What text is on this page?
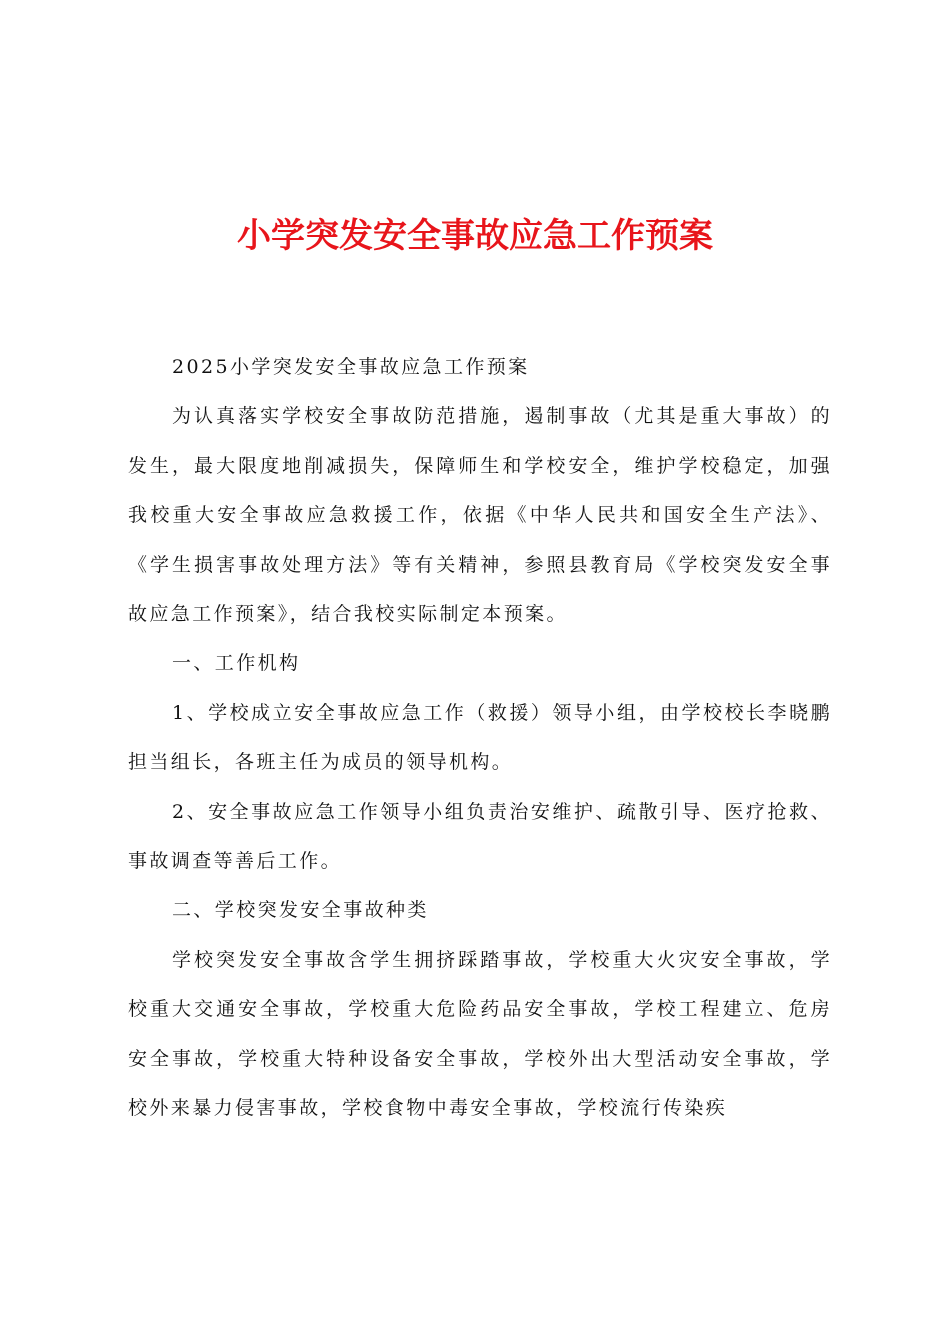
小学突发安全事故应急工作预案

2025小学突发安全事故应急工作预案

为认真落实学校安全事故防范措施，遏制事故（尤其是重大事故）的发生，最大限度地削减损失，保障师生和学校安全，维护学校稳定，加强我校重大安全事故应急救援工作，依据《中华人民共和国安全生产法》、《学生损害事故处理方法》等有关精神，参照县教育局《学校突发安全事故应急工作预案》，结合我校实际制定本预案。

一、工作机构

1、学校成立安全事故应急工作（救援）领导小组，由学校校长李晓鹏担当组长，各班主任为成员的领导机构。

2、安全事故应急工作领导小组负责治安维护、疏散引导、医疗抢救、事故调查等善后工作。

二、学校突发安全事故种类

学校突发安全事故含学生拥挤踩踏事故，学校重大火灾安全事故，学校重大交通安全事故，学校重大危险药品安全事故，学校工程建立、危房安全事故，学校重大特种设备安全事故，学校外出大型活动安全事故，学校外来暴力侵害事故，学校食物中毒安全事故，学校流行传染疾
